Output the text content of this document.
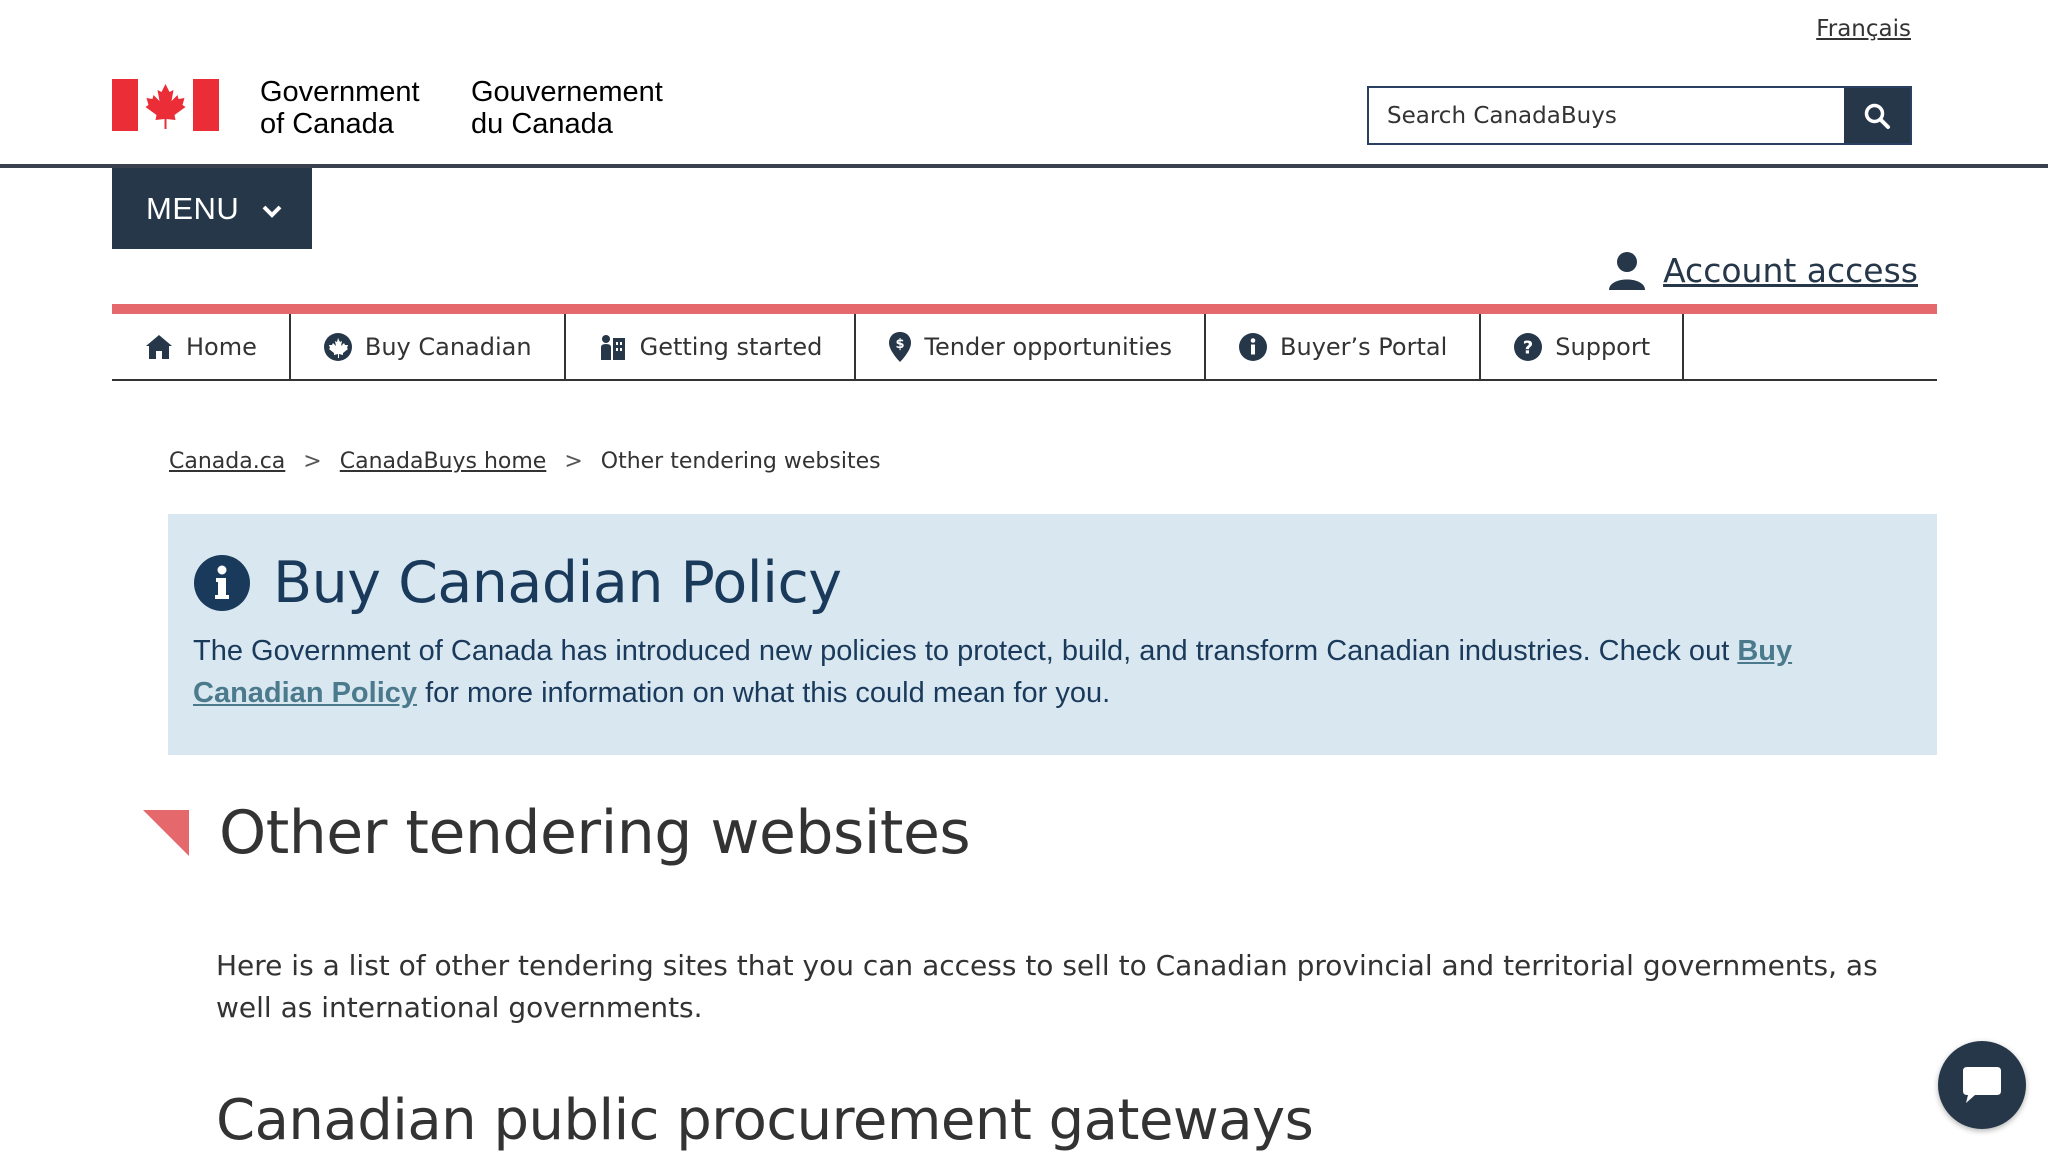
Français
Government
of Canada
Gouvernement
du Canada
Search CanadaBuys
MENU
Account access
Home	Buy Canadian	Getting started	$ Tender opportunities	Buyer’s Portal	? Support
Canada.ca > CanadaBuys home > Other tendering websites
Buy Canadian Policy

The Government of Canada has introduced new policies to protect, build, and transform Canadian industries. Check out Buy Canadian Policy for more information on what this could mean for you.

Other tendering websites

Here is a list of other tendering sites that you can access to sell to Canadian provincial and territorial governments, as well as international governments.

Canadian public procurement gateways
